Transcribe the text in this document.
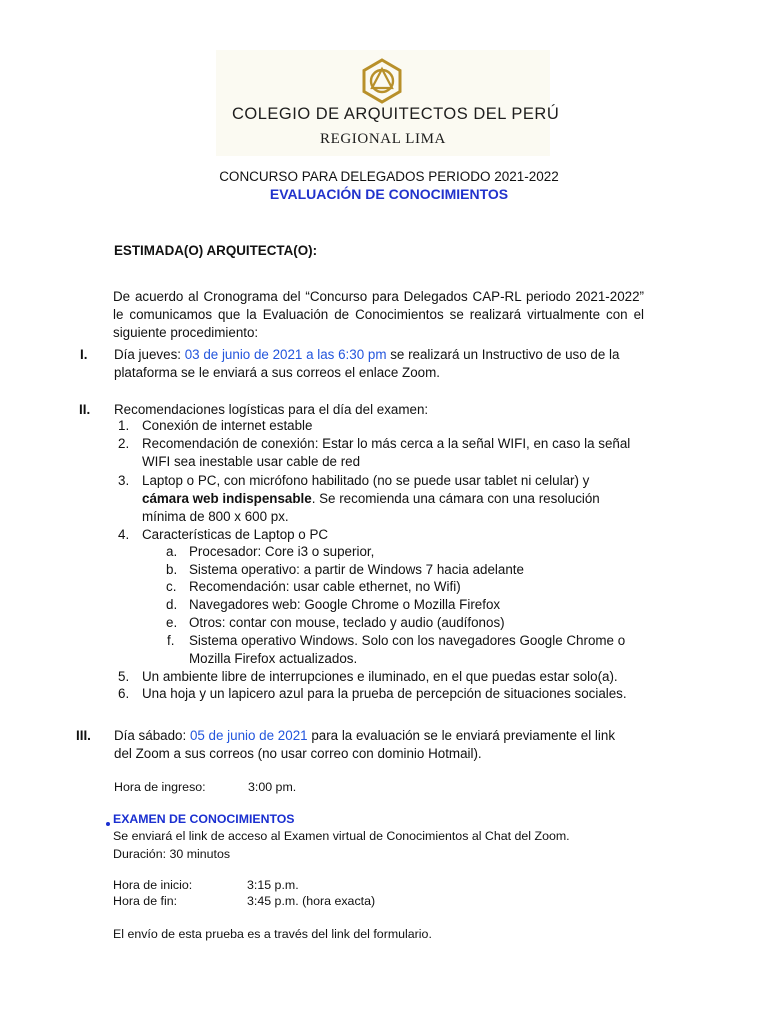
COLEGIO DE ARQUITECTOS DEL PERÚ
REGIONAL LIMA
CONCURSO PARA DELEGADOS PERIODO 2021-2022
EVALUACIÓN DE CONOCIMIENTOS
ESTIMADA(O) ARQUITECTA(O):
De acuerdo al Cronograma del “Concurso para Delegados CAP-RL periodo 2021-2022” le comunicamos que la Evaluación de Conocimientos se realizará virtualmente con el siguiente procedimiento:
I. Día jueves: 03 de junio de 2021 a las 6:30 pm se realizará un Instructivo de uso de la
plataforma se le enviará a sus correos el enlace Zoom.
II. Recomendaciones logísticas para el día del examen:
1. Conexión de internet estable
2. Recomendación de conexión: Estar lo más cerca a la señal WIFI, en caso la señal
WIFI sea inestable usar cable de red
3. Laptop o PC, con micrófono habilitado (no se puede usar tablet ni celular) y
cámara web indispensable. Se recomienda una cámara con una resolución
mínima de 800 x 600 px.
4. Características de Laptop o PC
a. Procesador: Core i3 o superior,
b. Sistema operativo: a partir de Windows 7 hacia adelante
c. Recomendación: usar cable ethernet, no Wifi)
d. Navegadores web: Google Chrome o Mozilla Firefox
e. Otros: contar con mouse, teclado y audio (audífonos)
f. Sistema operativo Windows. Solo con los navegadores Google Chrome o
Mozilla Firefox actualizados.
5. Un ambiente libre de interrupciones e iluminado, en el que puedas estar solo(a).
6. Una hoja y un lapicero azul para la prueba de percepción de situaciones sociales.
III. Día sábado: 05 de junio de 2021 para la evaluación se le enviará previamente el link
del Zoom a sus correos (no usar correo con dominio Hotmail).
Hora de ingreso:	3:00 pm.
EXAMEN DE CONOCIMIENTOS
Se enviará el link de acceso al Examen virtual de Conocimientos al Chat del Zoom.
Duración: 30 minutos
Hora de inicio:	3:15 p.m.
Hora de fin:	3:45 p.m. (hora exacta)
El envío de esta prueba es a través del link del formulario.
